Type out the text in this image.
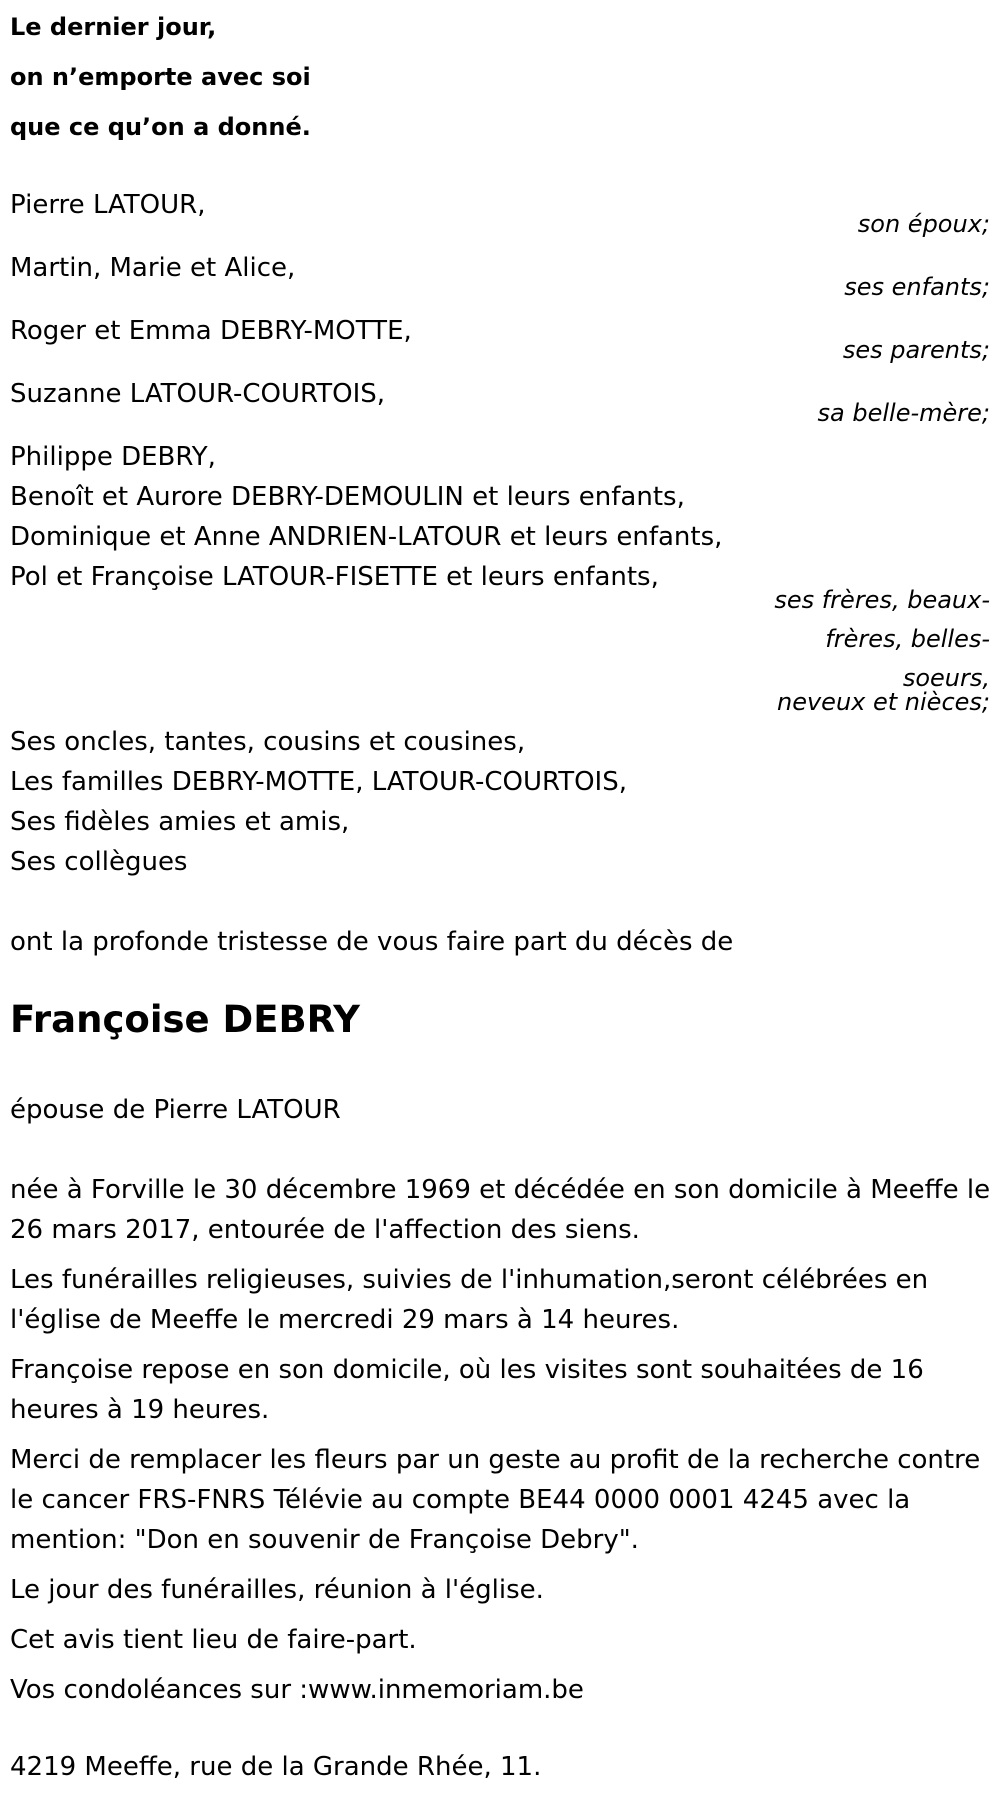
Le dernier jour,

on n’emporte avec soi

que ce qu’on a donné.

Pierre LATOUR,

son époux;

Martin, Marie et Alice,

ses enfants;

Roger et Emma DEBRY-MOTTE,

ses parents;

Suzanne LATOUR-COURTOIS,

sa belle-mère;

Philippe DEBRY,

Benoît et Aurore DEBRY-DEMOULIN et leurs enfants,

Dominique et Anne ANDRIEN-LATOUR et leurs enfants,

Pol et Françoise LATOUR-FISETTE et leurs enfants,

ses frères, beaux-

frères, belles-

soeurs,

neveux et nièces;

Ses oncles, tantes, cousins et cousines,

Les familles DEBRY-MOTTE, LATOUR-COURTOIS,

Ses fidèles amies et amis,

Ses collègues

ont la profonde tristesse de vous faire part du décès de

Françoise DEBRY

épouse de Pierre LATOUR

née à Forville le 30 décembre 1969 et décédée en son domicile à Meeffe le 26 mars 2017, entourée de l'affection des siens.

Les funérailles religieuses, suivies de l'inhumation,seront célébrées en l'église de Meeffe le mercredi 29 mars à 14 heures.

Françoise repose en son domicile, où les visites sont souhaitées de 16 heures à 19 heures.

Merci de remplacer les fleurs par un geste au profit de la recherche contre le cancer FRS-FNRS Télévie au compte BE44 0000 0001 4245 avec la mention: "Don en souvenir de Françoise Debry".

Le jour des funérailles, réunion à l'église.

Cet avis tient lieu de faire-part.

Vos condoléances sur :www.inmemoriam.be

4219 Meeffe, rue de la Grande Rhée, 11.
